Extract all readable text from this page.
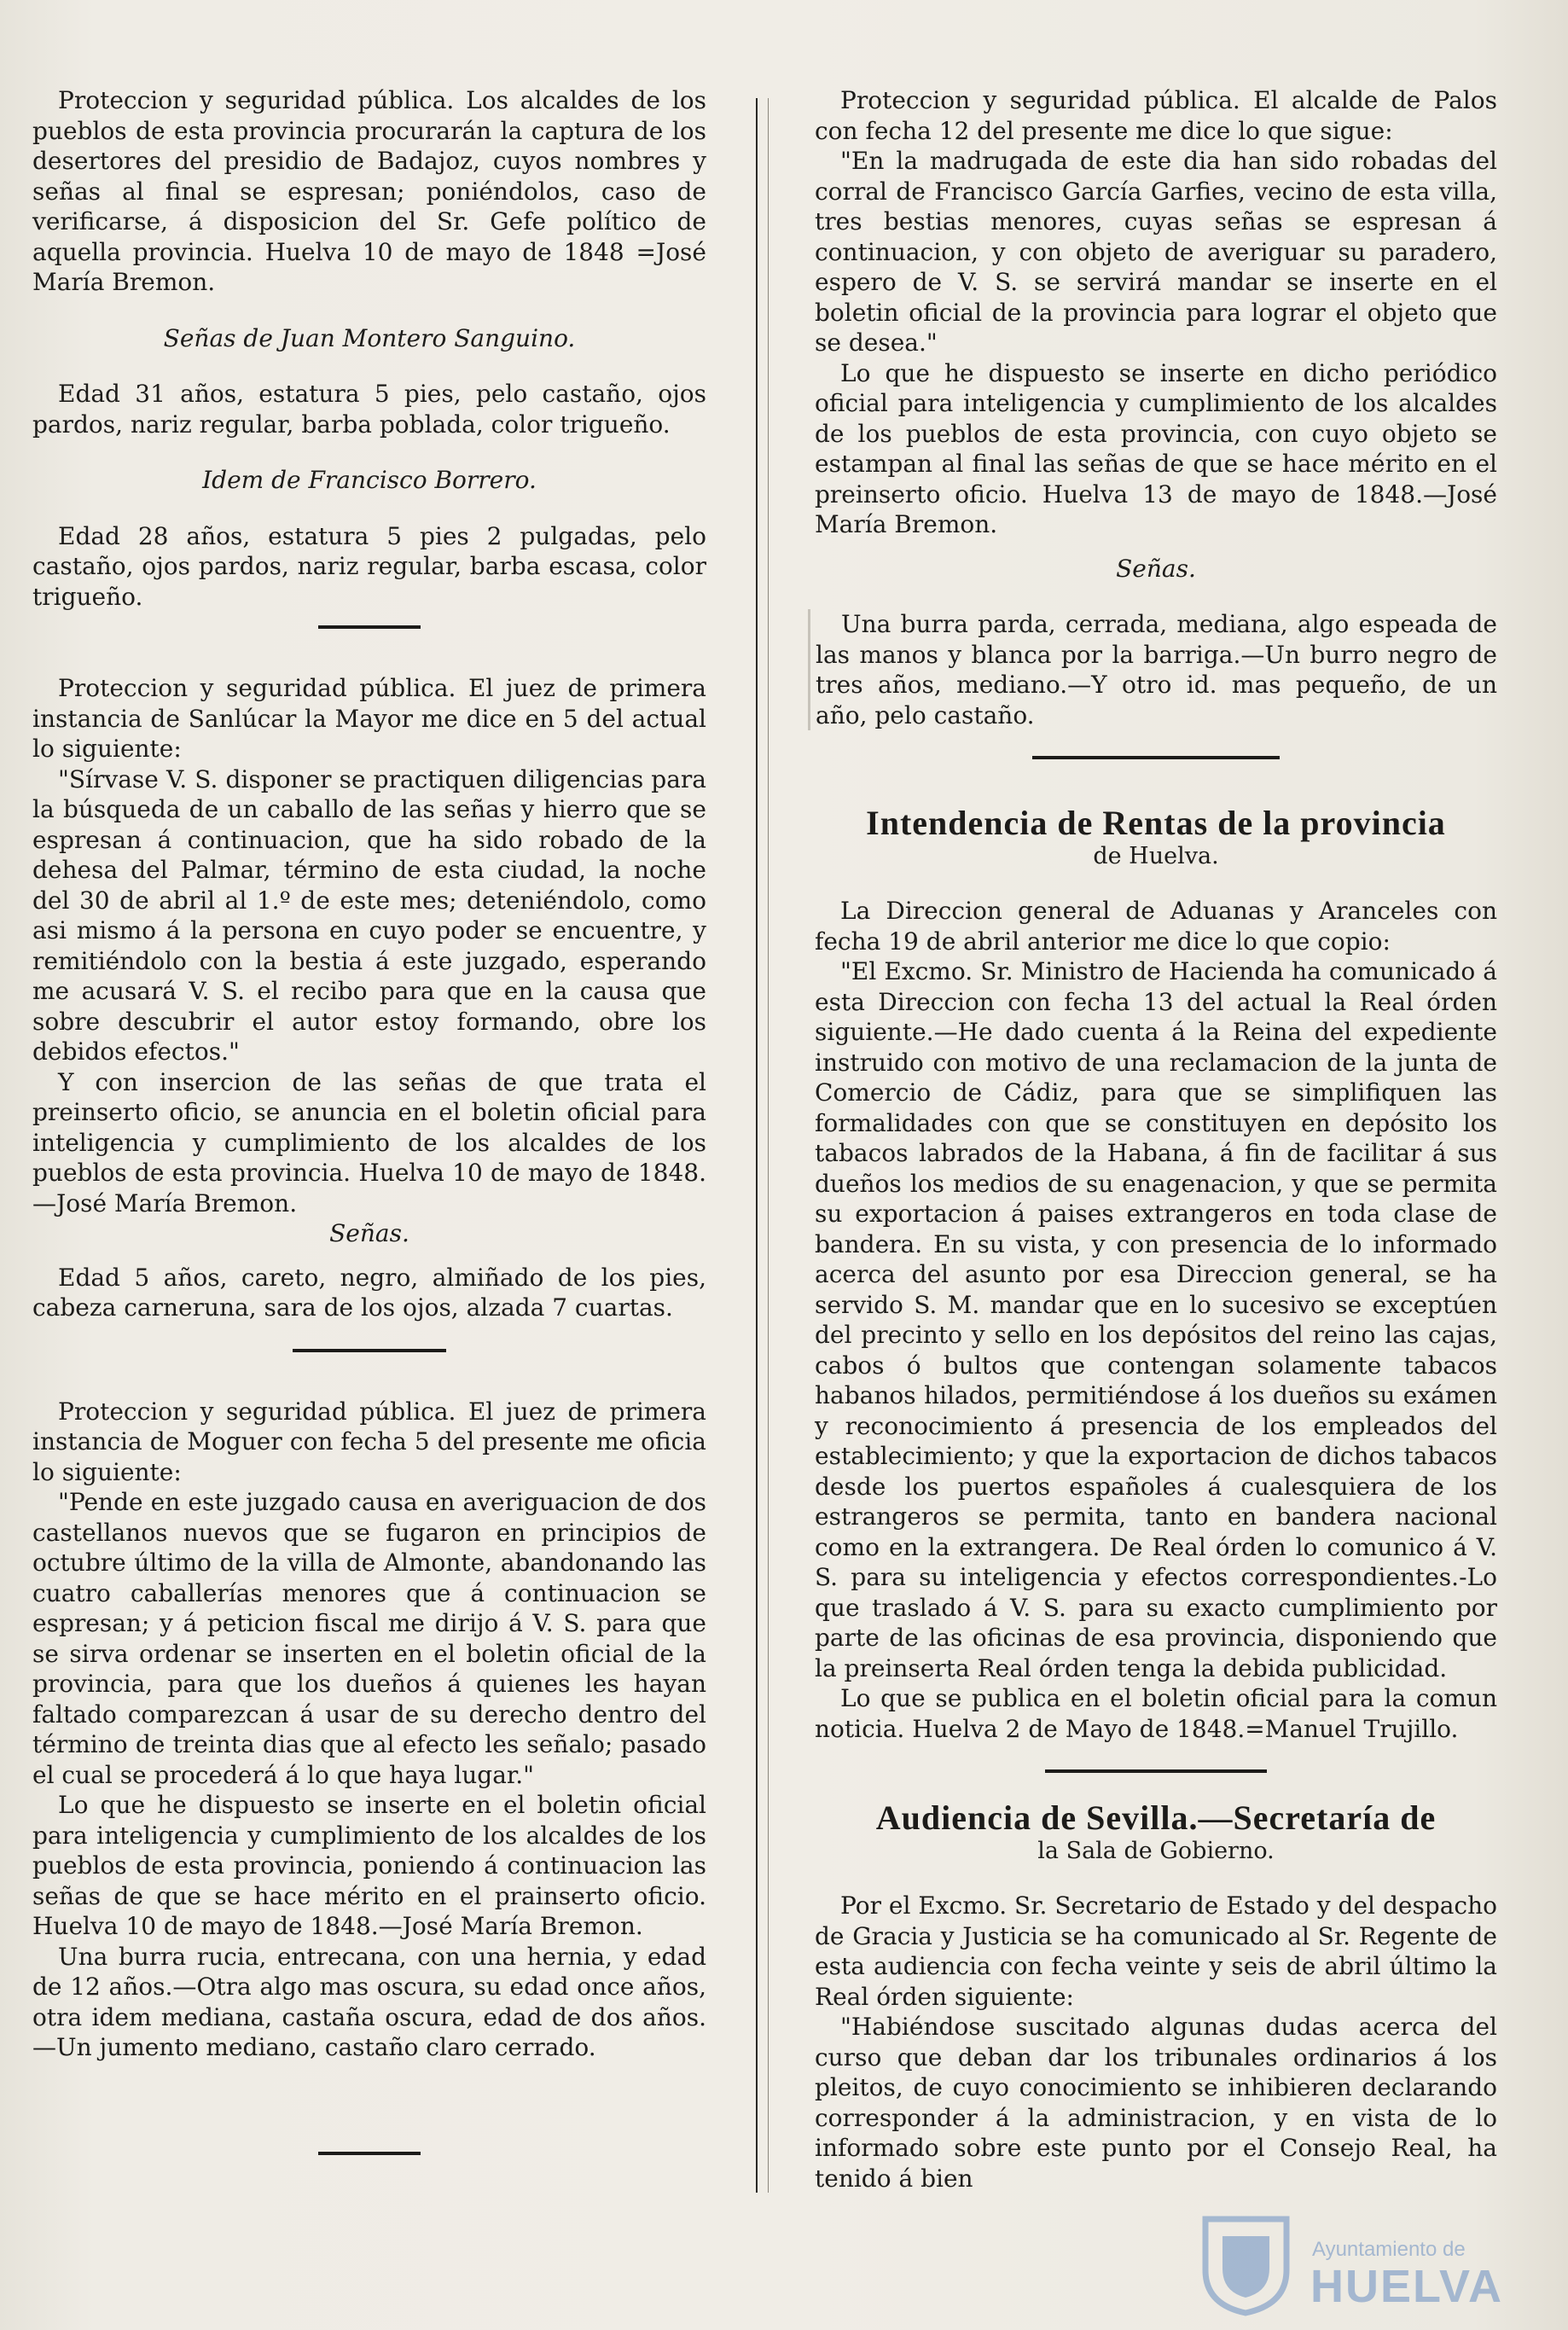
Proteccion y seguridad pública. Los alcaldes de los pueblos de esta provincia procurarán la captura de los desertores del presidio de Badajoz, cuyos nombres y señas al final se espresan; poniéndolos, caso de verificarse, á disposicion del Sr. Gefe político de aquella provincia. Huelva 10 de mayo de 1848 =José María Bremon.

Señas de Juan Montero Sanguino.

Edad 31 años, estatura 5 pies, pelo castaño, ojos pardos, nariz regular, barba poblada, color trigueño.

Idem de Francisco Borrero.

Edad 28 años, estatura 5 pies 2 pulgadas, pelo castaño, ojos pardos, nariz regular, barba escasa, color trigueño.

Proteccion y seguridad pública. El juez de primera instancia de Sanlúcar la Mayor me dice en 5 del actual lo siguiente:

"Sírvase V. S. disponer se practiquen diligencias para la búsqueda de un caballo de las señas y hierro que se espresan á continuacion, que ha sido robado de la dehesa del Palmar, término de esta ciudad, la noche del 30 de abril al 1.º de este mes; deteniéndolo, como asi mismo á la persona en cuyo poder se encuentre, y remitiéndolo con la bestia á este juzgado, esperando me acusará V. S. el recibo para que en la causa que sobre descubrir el autor estoy formando, obre los debidos efectos."

Y con insercion de las señas de que trata el preinserto oficio, se anuncia en el boletin oficial para inteligencia y cumplimiento de los alcaldes de los pueblos de esta provincia. Huelva 10 de mayo de 1848.—José María Bremon.

Señas.

Edad 5 años, careto, negro, almiñado de los pies, cabeza carneruna, sara de los ojos, alzada 7 cuartas.

Proteccion y seguridad pública. El juez de primera instancia de Moguer con fecha 5 del presente me oficia lo siguiente:

"Pende en este juzgado causa en averiguacion de dos castellanos nuevos que se fugaron en principios de octubre último de la villa de Almonte, abandonando las cuatro caballerías menores que á continuacion se espresan; y á peticion fiscal me dirijo á V. S. para que se sirva ordenar se inserten en el boletin oficial de la provincia, para que los dueños á quienes les hayan faltado comparezcan á usar de su derecho dentro del término de treinta dias que al efecto les señalo; pasado el cual se procederá á lo que haya lugar."

Lo que he dispuesto se inserte en el boletin oficial para inteligencia y cumplimiento de los alcaldes de los pueblos de esta provincia, poniendo á continuacion las señas de que se hace mérito en el prainserto oficio. Huelva 10 de mayo de 1848.—José María Bremon.

Una burra rucia, entrecana, con una hernia, y edad de 12 años.—Otra algo mas oscura, su edad once años, otra idem mediana, castaña oscura, edad de dos años. —Un jumento mediano, castaño claro cerrado.

Proteccion y seguridad pública. El alcalde de Palos con fecha 12 del presente me dice lo que sigue:

"En la madrugada de este dia han sido robadas del corral de Francisco García Garfies, vecino de esta villa, tres bestias menores, cuyas señas se espresan á continuacion, y con objeto de averiguar su paradero, espero de V. S. se servirá mandar se inserte en el boletin oficial de la provincia para lograr el objeto que se desea."

Lo que he dispuesto se inserte en dicho periódico oficial para inteligencia y cumplimiento de los alcaldes de los pueblos de esta provincia, con cuyo objeto se estampan al final las señas de que se hace mérito en el preinserto oficio. Huelva 13 de mayo de 1848.—José María Bremon.

Señas.

Una burra parda, cerrada, mediana, algo espeada de las manos y blanca por la barriga.—Un burro negro de tres años, mediano.—Y otro id. mas pequeño, de un año, pelo castaño.

Intendencia de Rentas de la provincia

de Huelva.

La Direccion general de Aduanas y Aranceles con fecha 19 de abril anterior me dice lo que copio:

"El Excmo. Sr. Ministro de Hacienda ha comunicado á esta Direccion con fecha 13 del actual la Real órden siguiente.—He dado cuenta á la Reina del expediente instruido con motivo de una reclamacion de la junta de Comercio de Cádiz, para que se simplifiquen las formalidades con que se constituyen en depósito los tabacos labrados de la Habana, á fin de facilitar á sus dueños los medios de su enagenacion, y que se permita su exportacion á paises extrangeros en toda clase de bandera. En su vista, y con presencia de lo informado acerca del asunto por esa Direccion general, se ha servido S. M. mandar que en lo sucesivo se exceptúen del precinto y sello en los depósitos del reino las cajas, cabos ó bultos que contengan solamente tabacos habanos hilados, permitiéndose á los dueños su exámen y reconocimiento á presencia de los empleados del establecimiento; y que la exportacion de dichos tabacos desde los puertos españoles á cualesquiera de los estrangeros se permita, tanto en bandera nacional como en la extrangera. De Real órden lo comunico á V. S. para su inteligencia y efectos correspondientes.-Lo que traslado á V. S. para su exacto cumplimiento por parte de las oficinas de esa provincia, disponiendo que la preinserta Real órden tenga la debida publicidad.

Lo que se publica en el boletin oficial para la comun noticia. Huelva 2 de Mayo de 1848.=Manuel Trujillo.

Audiencia de Sevilla.—Secretaría de

la Sala de Gobierno.

Por el Excmo. Sr. Secretario de Estado y del despacho de Gracia y Justicia se ha comunicado al Sr. Regente de esta audiencia con fecha veinte y seis de abril último la Real órden siguiente:

"Habiéndose suscitado algunas dudas acerca del curso que deban dar los tribunales ordinarios á los pleitos, de cuyo conocimiento se inhibieren declarando corresponder á la administracion, y en vista de lo informado sobre este punto por el Consejo Real, ha tenido á bien

Ayuntamiento de
HUELVA
